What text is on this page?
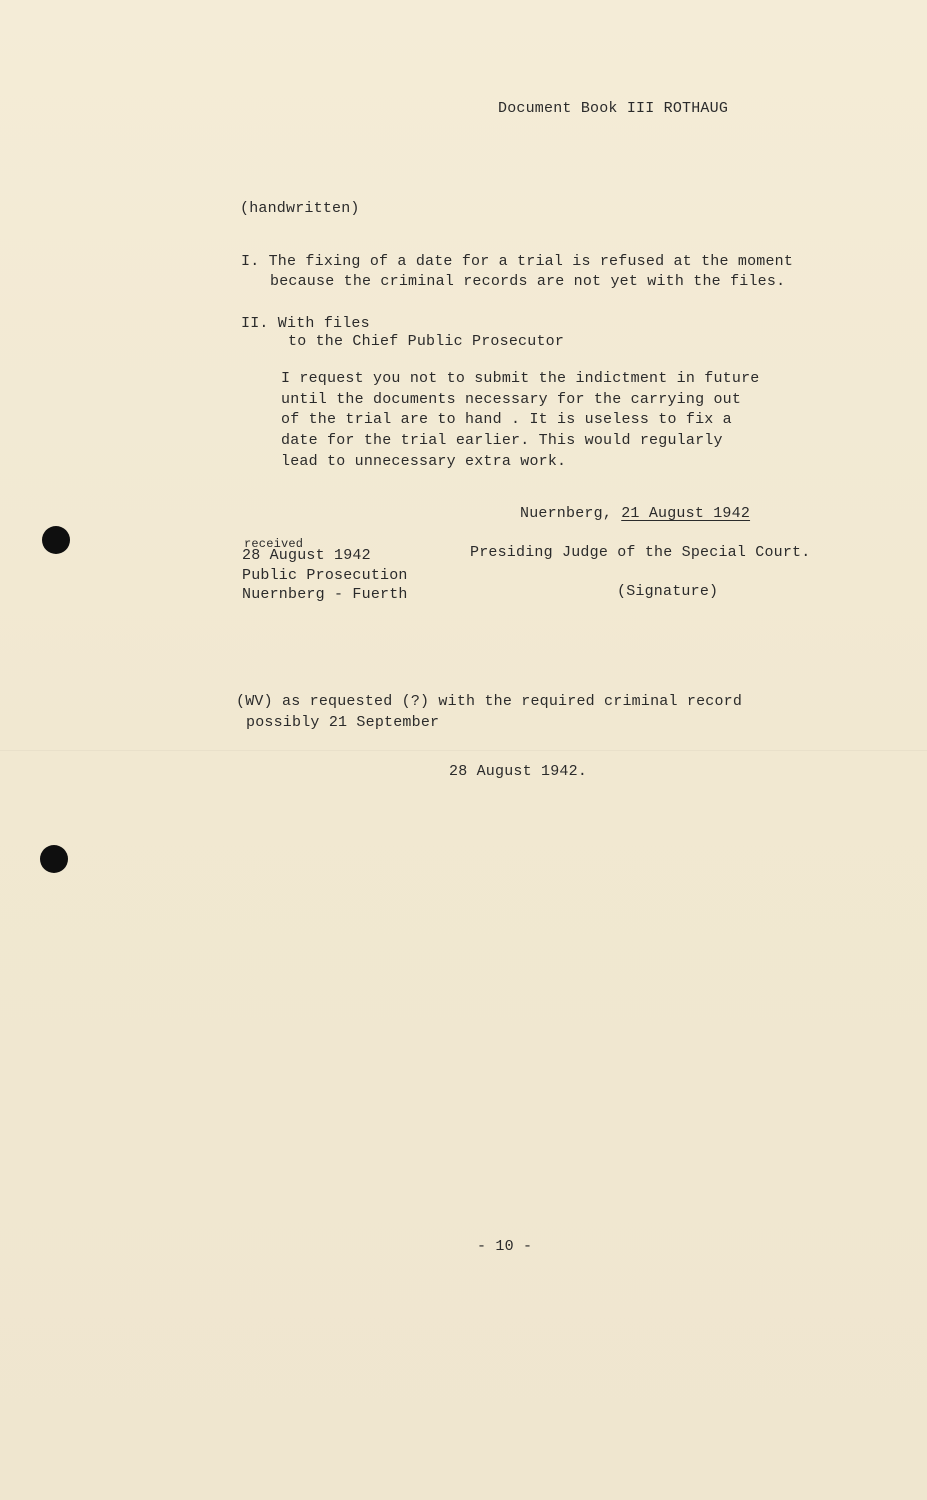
Document Book III ROTHAUG
(handwritten)
I. The fixing of a date for a trial is refused at the moment
because the criminal records are not yet with the files.
II. With files
to the Chief Public Prosecutor
I request you not to submit the indictment in future
until the documents necessary for the carrying out
of the trial are to hand . It is useless to fix a
date for the trial earlier. This would regularly
lead to unnecessary extra work.
Nuernberg, 21 August 1942
received
28 August 1942
Public Prosecution
Nuernberg - Fuerth
Presiding Judge of the Special Court.
(Signature)
(WV) as requested (?) with the required criminal record
possibly 21 September
28 August 1942.
- 10 -
